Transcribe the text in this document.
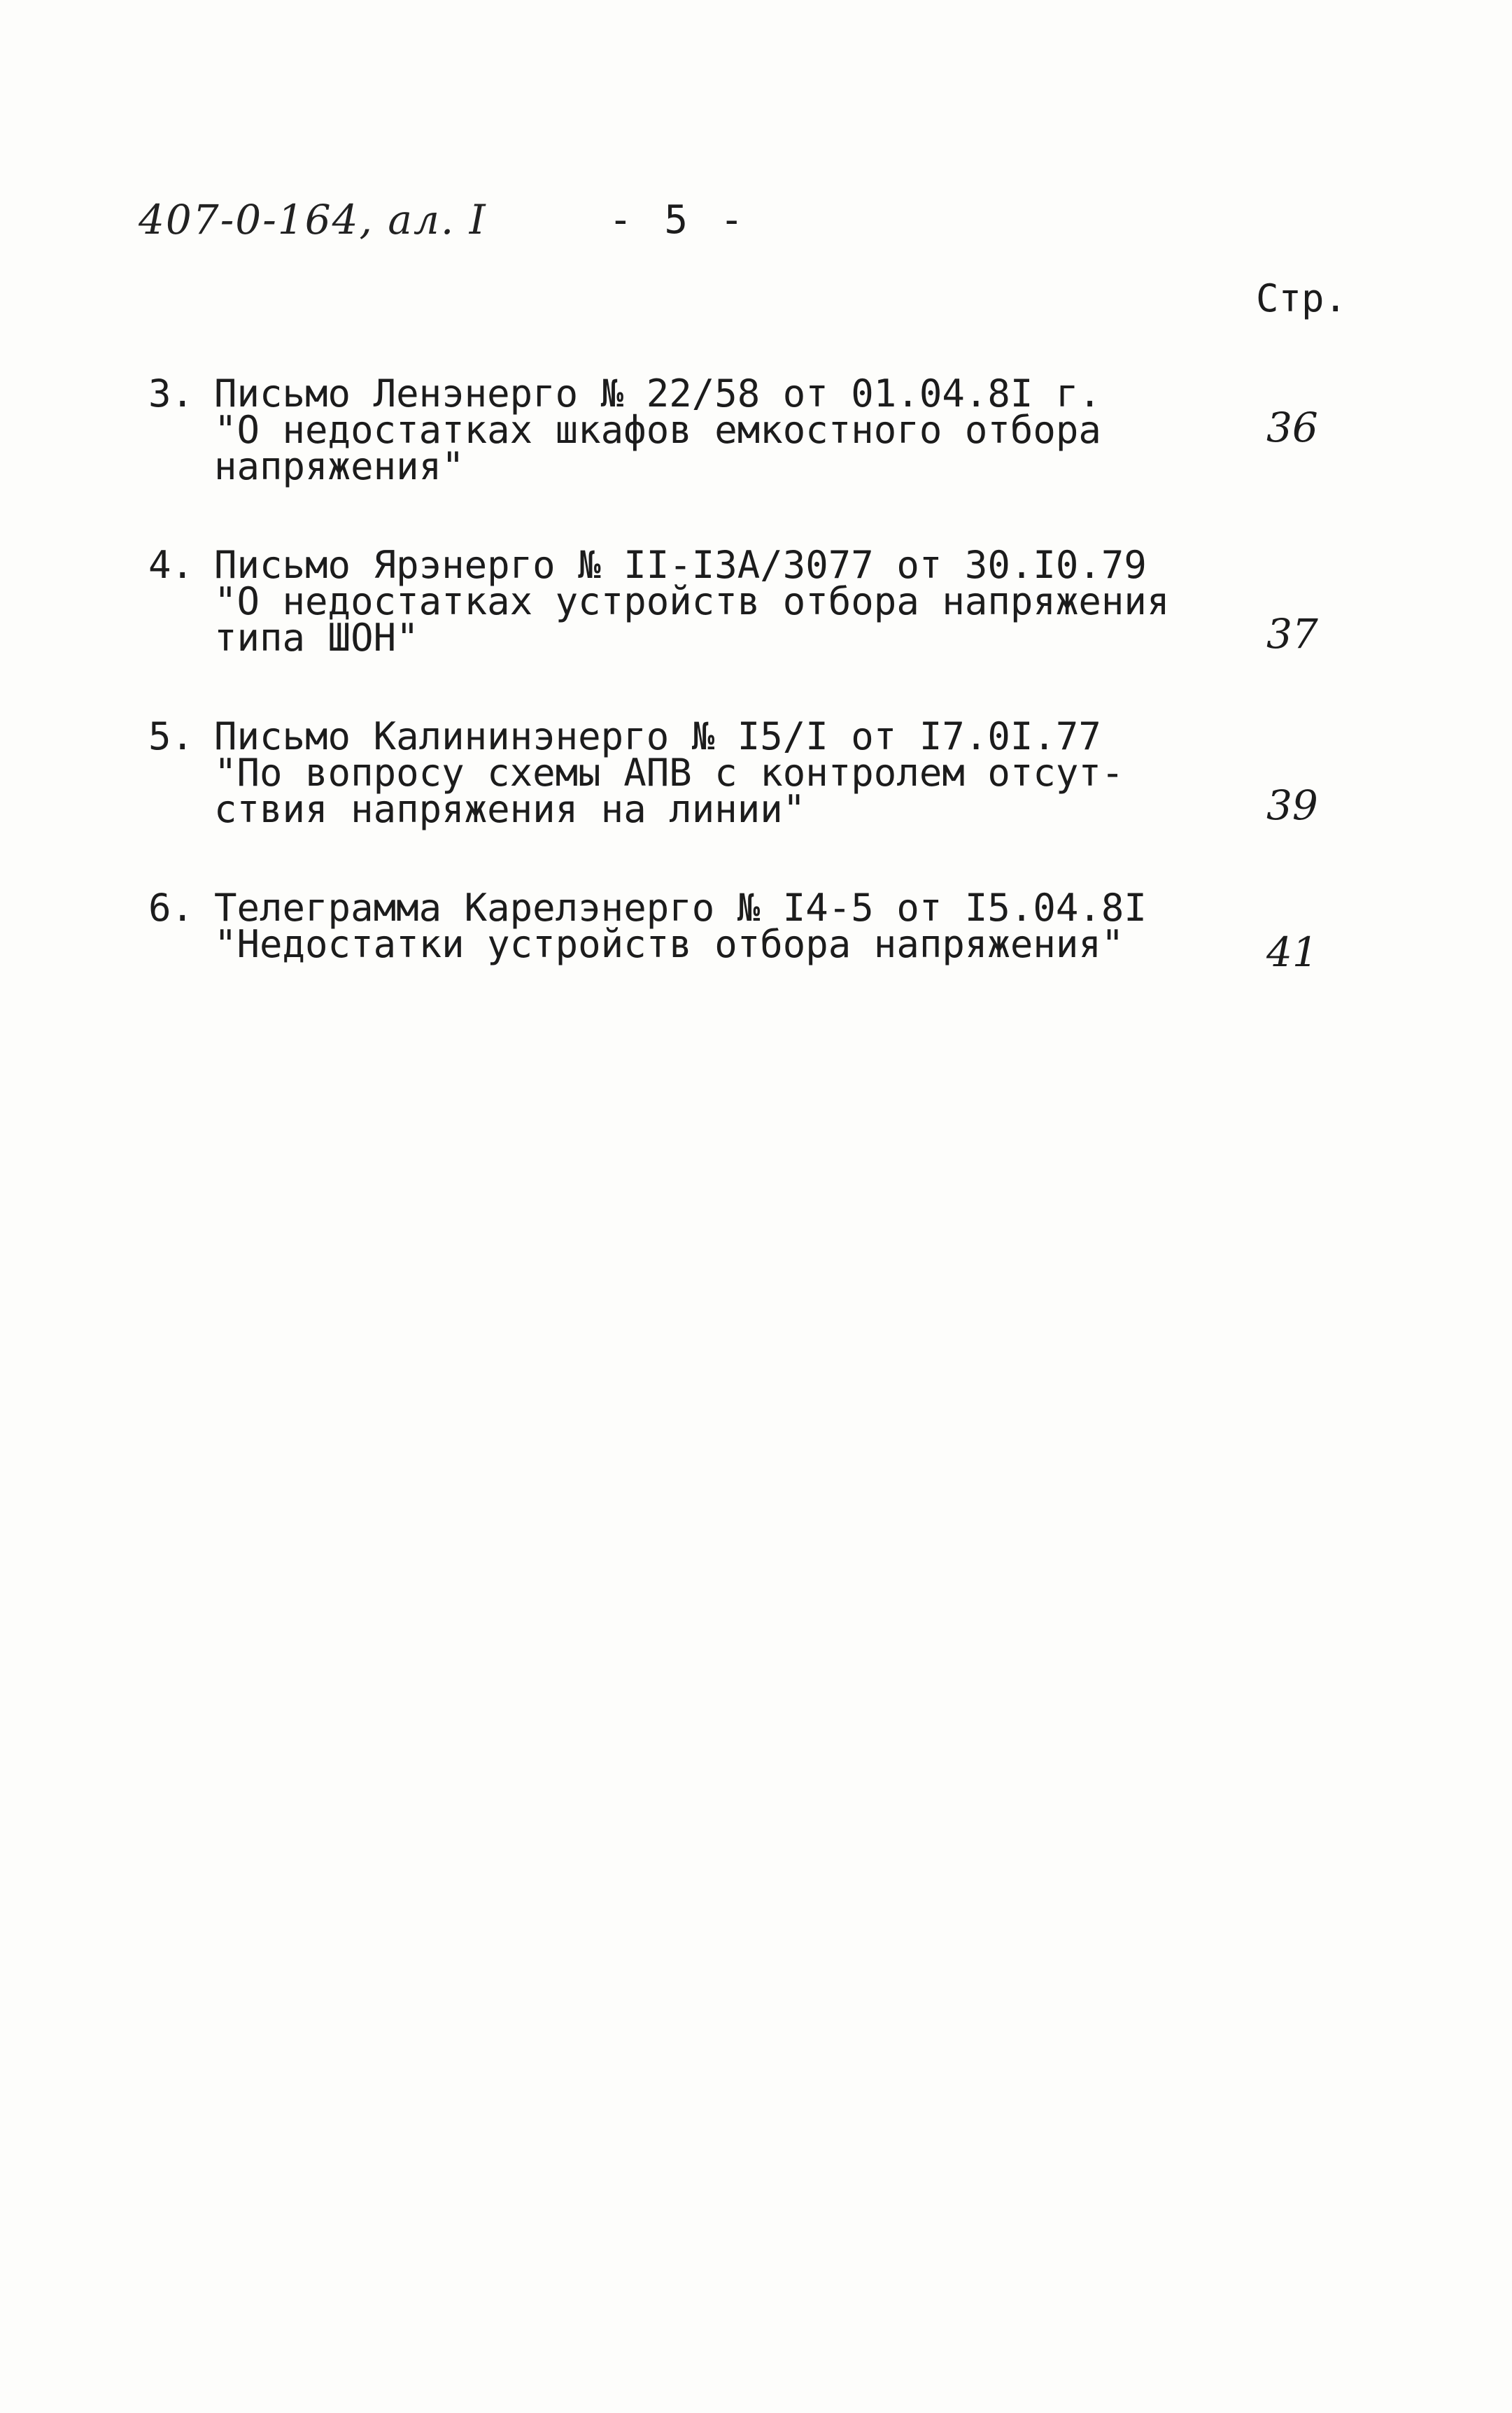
407-0-164, ал. I	- 5 -
Стр.
3. Письмо Ленэнерго № 22/58 от 01.04.8I г.
"О недостатках шкафов емкостного отбора
напряжения"
36
4. Письмо Ярэнерго № II-I3A/3077 от 30.I0.79
"О недостатках устройств отбора напряжения
типа ШОН"	37
5. Письмо Калининэнерго № I5/I от I7.0I.77
"По вопросу схемы АПВ с контролем отсут-
ствия напряжения на линии"	39
6. Телеграмма Карелэнерго № I4-5 от I5.04.8I
"Недостатки устройств отбора напряжения"	41
